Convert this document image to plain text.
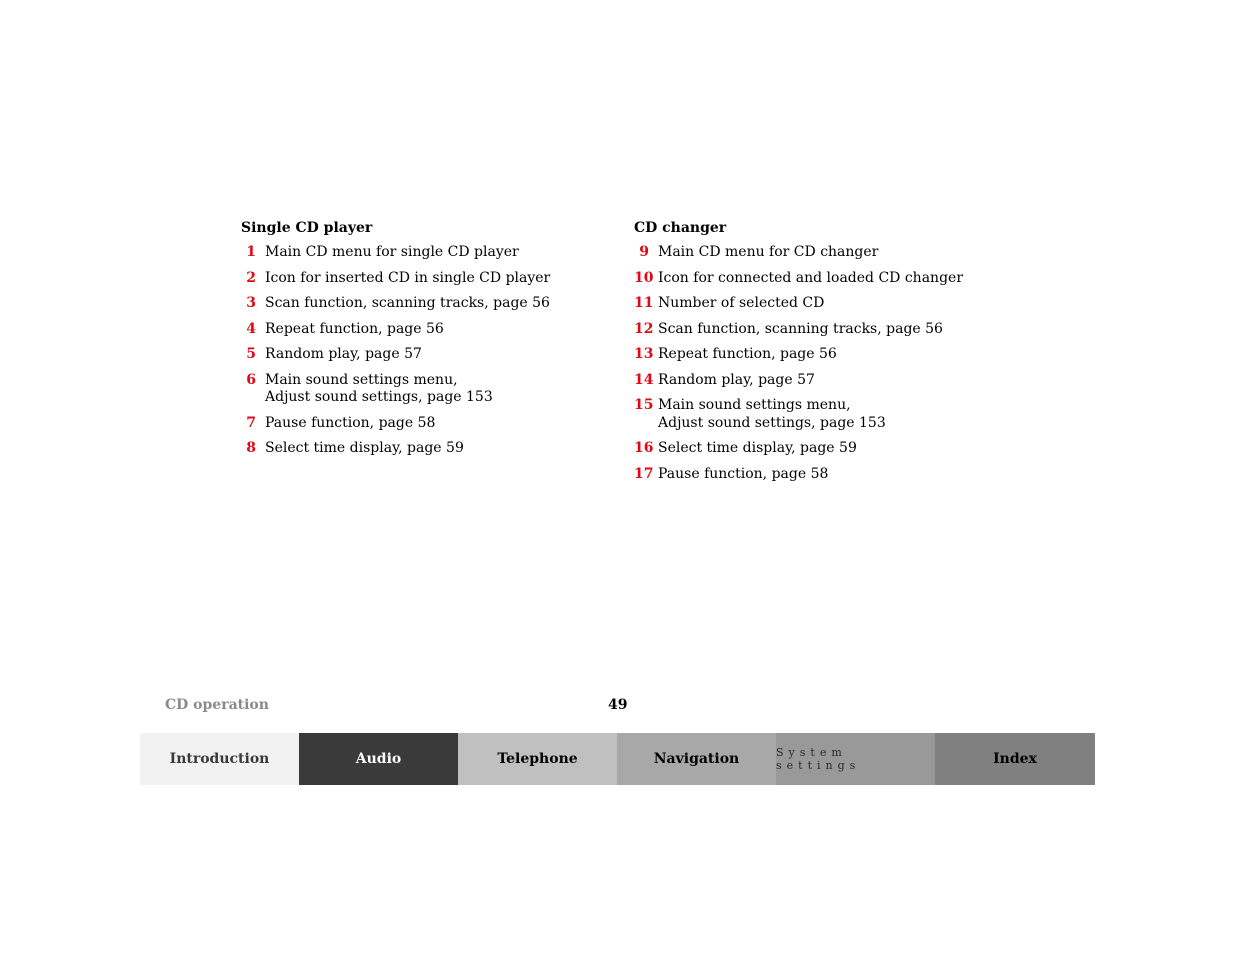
Single CD player
1 Main CD menu for single CD player
2 Icon for inserted CD in single CD player
3 Scan function, scanning tracks, page 56
4 Repeat function, page 56
5 Random play, page 57
6 Main sound settings menu,
Adjust sound settings, page 153
7 Pause function, page 58
8 Select time display, page 59
CD changer
9 Main CD menu for CD changer
10 Icon for connected and loaded CD changer
11 Number of selected CD
12 Scan function, scanning tracks, page 56
13 Repeat function, page 56
14 Random play, page 57
15 Main sound settings menu,
Adjust sound settings, page 153
16 Select time display, page 59
17 Pause function, page 58
CD operation	49
Introduction	Audio	Telephone	Navigation	System settings	Index
